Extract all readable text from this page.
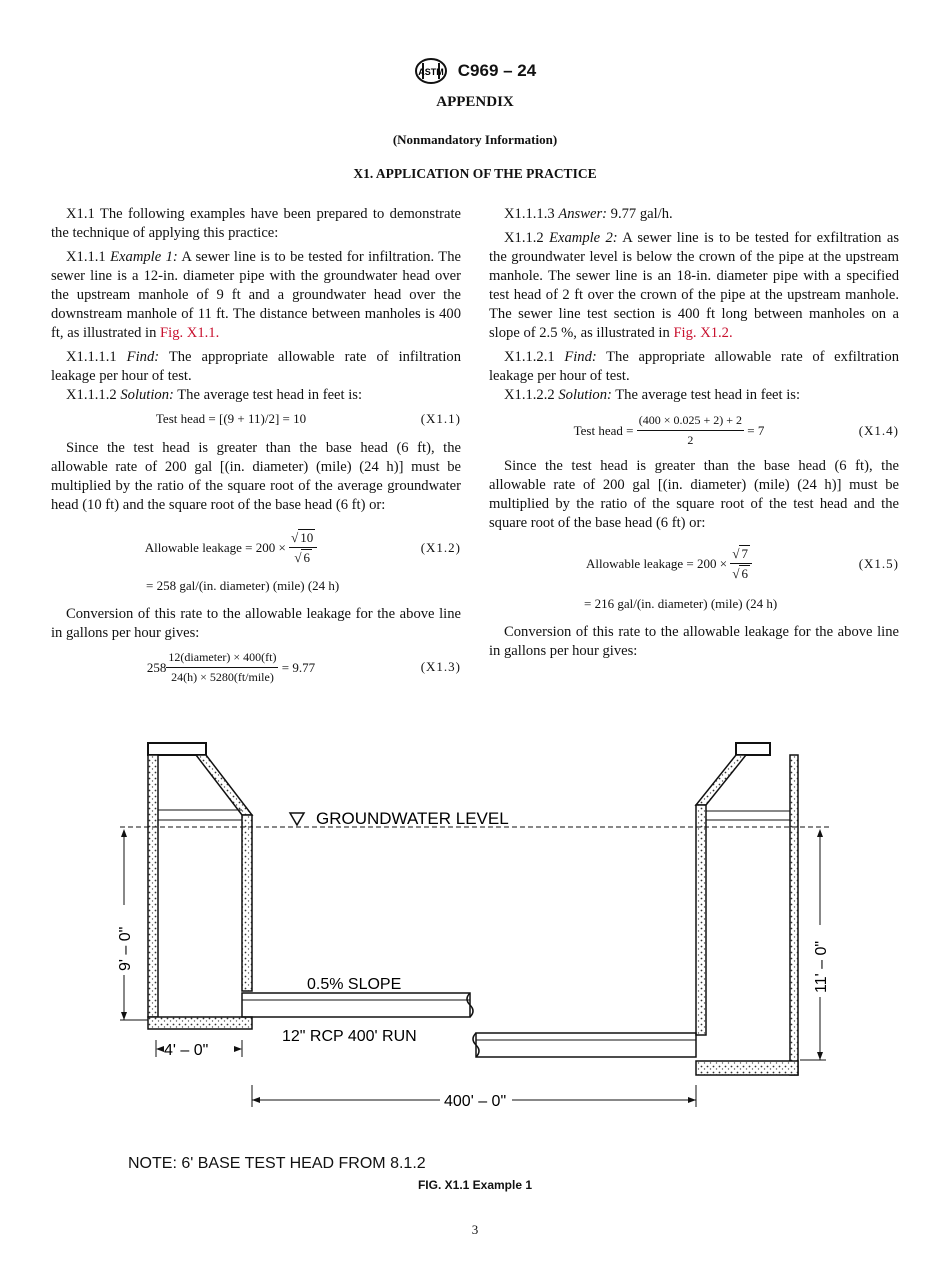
ASTM C969 – 24
APPENDIX
(Nonmandatory Information)
X1. APPLICATION OF THE PRACTICE

X1.1 The following examples have been prepared to demonstrate the technique of applying this practice:

X1.1.1 Example 1: A sewer line is to be tested for infiltration. The sewer line is a 12-in. diameter pipe with the groundwater head over the upstream manhole of 9 ft and a groundwater head over the downstream manhole of 11 ft. The distance between manholes is 400 ft, as illustrated in Fig. X1.1.

X1.1.1.1 Find: The appropriate allowable rate of infiltration leakage per hour of test.

X1.1.1.2 Solution: The average test head in feet is:

Test head = [(9 + 11)/2] = 10	(X1.1)

Since the test head is greater than the base head (6 ft), the allowable rate of 200 gal [(in. diameter) (mile) (24 h)] must be multiplied by the ratio of the square root of the average groundwater head (10 ft) and the square root of the base head (6 ft) or:

Allowable leakage = $200 \times \frac{√ 10}{√ 6}$	(X1.2)
= 258 gal/(in. diameter) (mile) (24 h)

Conversion of this rate to the allowable leakage for the above line in gallons per hour gives:

$258 \frac{\text{12(diameter) × 400(ft)}}{\text{24(h) × 5280(ft/mile)}} = 9.77$	(X1.3)

X1.1.1.3 Answer: 9.77 gal/h.

X1.1.2 Example 2: A sewer line is to be tested for exfiltration as the groundwater level is below the crown of the pipe at the upstream manhole. The sewer line is an 18-in. diameter pipe with a specified test head of 2 ft over the crown of the pipe at the upstream manhole. The sewer line test section is 400 ft long between manholes on a slope of 2.5 %, as illustrated in Fig. X1.2.

X1.1.2.1 Find: The appropriate allowable rate of exfiltration leakage per hour of test.

X1.1.2.2 Solution: The average test head in feet is:

Test head = $\frac{(400 \times 0.025 + 2) + 2}{2} = 7$	(X1.4)

Since the test head is greater than the base head (6 ft), the allowable rate of 200 gal [(in. diameter) (mile) (24 h)] must be multiplied by the ratio of the square root of the test head and the square root of the base head (6 ft) or:

Allowable leakage = $200 \times \frac{√ 7}{√ 6}$	(X1.5)
= 216 gal/(in. diameter) (mile) (24 h)

Conversion of this rate to the allowable leakage for the above line in gallons per hour gives:

GROUNDWATER LEVEL
0.5% SLOPE
12" RCP 400' RUN
9' – 0"	11' – 0"
4' – 0"
400' – 0"
NOTE: 6' BASE TEST HEAD FROM 8.1.2
FIG. X1.1 Example 1
3
